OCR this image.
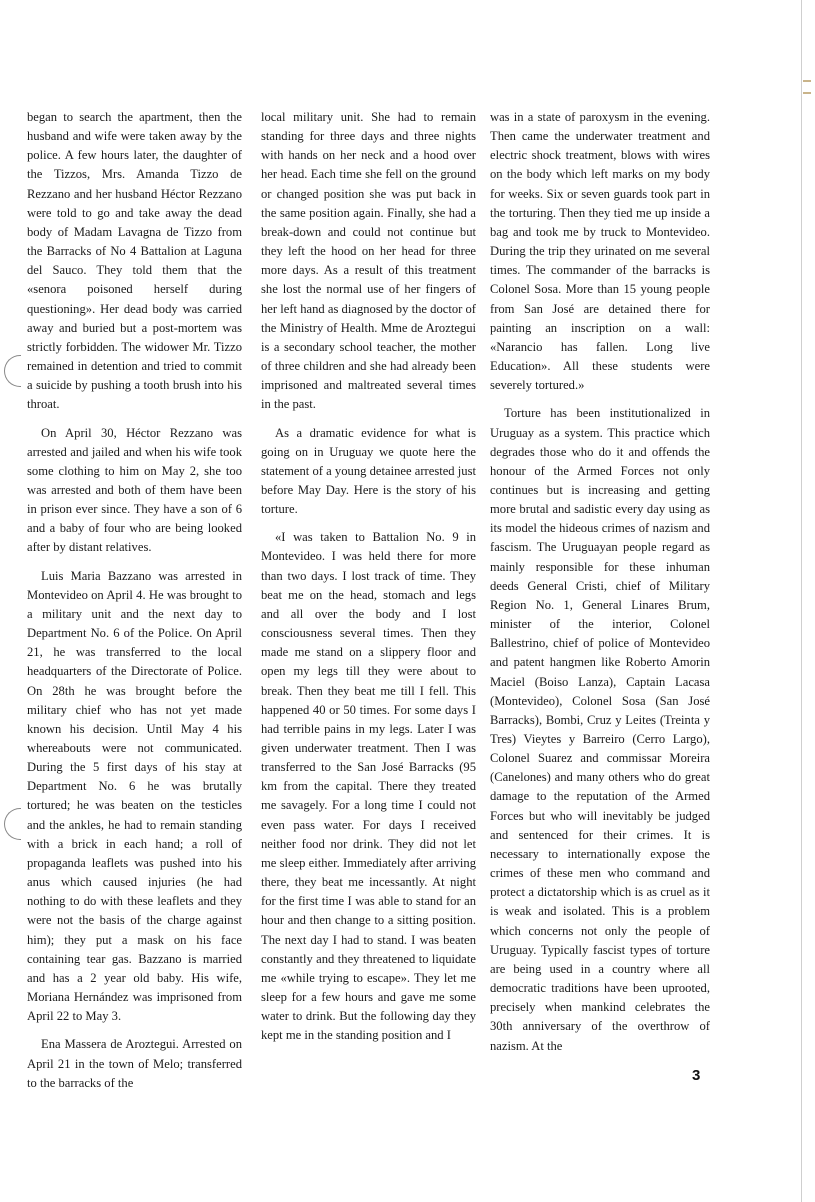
began to search the apartment, then the husband and wife were taken away by the police. A few hours later, the daughter of the Tizzos, Mrs. Amanda Tizzo de Rezzano and her husband Héctor Rezzano were told to go and take away the dead body of Madam Lavagna de Tizzo from the Barracks of No 4 Battalion at Laguna del Sauco. They told them that the «senora poisoned herself during questioning». Her dead body was carried away and buried but a post-mortem was strictly forbidden. The widower Mr. Tizzo remained in detention and tried to commit a suicide by pushing a tooth brush into his throat.

On April 30, Héctor Rezzano was arrested and jailed and when his wife took some clothing to him on May 2, she too was arrested and both of them have been in prison ever since. They have a son of 6 and a baby of four who are being looked after by distant relatives.

Luis Maria Bazzano was arrested in Montevideo on April 4. He was brought to a military unit and the next day to Department No. 6 of the Police. On April 21, he was transferred to the local headquarters of the Directorate of Police. On 28th he was brought before the military chief who has not yet made known his decision. Until May 4 his whereabouts were not communicated. During the 5 first days of his stay at Department No. 6 he was brutally tortured; he was beaten on the testicles and the ankles, he had to remain standing with a brick in each hand; a roll of propaganda leaflets was pushed into his anus which caused injuries (he had nothing to do with these leaflets and they were not the basis of the charge against him); they put a mask on his face containing tear gas. Bazzano is married and has a 2 year old baby. His wife, Moriana Hernández was imprisoned from April 22 to May 3.

Ena Massera de Aroztegui. Arrested on April 21 in the town of Melo; transferred to the barracks of the

local military unit. She had to remain standing for three days and three nights with hands on her neck and a hood over her head. Each time she fell on the ground or changed position she was put back in the same position again. Finally, she had a break-down and could not continue but they left the hood on her head for three more days. As a result of this treatment she lost the normal use of her fingers of her left hand as diagnosed by the doctor of the Ministry of Health. Mme de Aroztegui is a secondary school teacher, the mother of three children and she had already been imprisoned and maltreated several times in the past.

As a dramatic evidence for what is going on in Uruguay we quote here the statement of a young detainee arrested just before May Day. Here is the story of his torture.

«I was taken to Battalion No. 9 in Montevideo. I was held there for more than two days. I lost track of time. They beat me on the head, stomach and legs and all over the body and I lost consciousness several times. Then they made me stand on a slippery floor and open my legs till they were about to break. Then they beat me till I fell. This happened 40 or 50 times. For some days I had terrible pains in my legs. Later I was given underwater treatment. Then I was transferred to the San José Barracks (95 km from the capital. There they treated me savagely. For a long time I could not even pass water. For days I received neither food nor drink. They did not let me sleep either. Immediately after arriving there, they beat me incessantly. At night for the first time I was able to stand for an hour and then change to a sitting position. The next day I had to stand. I was beaten constantly and they threatened to liquidate me «while trying to escape». They let me sleep for a few hours and gave me some water to drink. But the following day they kept me in the standing position and I

was in a state of paroxysm in the evening. Then came the underwater treatment and electric shock treatment, blows with wires on the body which left marks on my body for weeks. Six or seven guards took part in the torturing. Then they tied me up inside a bag and took me by truck to Montevideo. During the trip they urinated on me several times. The commander of the barracks is Colonel Sosa. More than 15 young people from San José are detained there for painting an inscription on a wall: «Narancio has fallen. Long live Education». All these students were severely tortured.»

Torture has been institutionalized in Uruguay as a system. This practice which degrades those who do it and offends the honour of the Armed Forces not only continues but is increasing and getting more brutal and sadistic every day using as its model the hideous crimes of nazism and fascism. The Uruguayan people regard as mainly responsible for these inhuman deeds General Cristi, chief of Military Region No. 1, General Linares Brum, minister of the interior, Colonel Ballestrino, chief of police of Montevideo and patent hangmen like Roberto Amorin Maciel (Boiso Lanza), Captain Lacasa (Montevideo), Colonel Sosa (San José Barracks), Bombi, Cruz y Leites (Treinta y Tres) Vieytes y Barreiro (Cerro Largo), Colonel Suarez and commissar Moreira (Canelones) and many others who do great damage to the reputation of the Armed Forces but who will inevitably be judged and sentenced for their crimes. It is necessary to internationally expose the crimes of these men who command and protect a dictatorship which is as cruel as it is weak and isolated. This is a problem which concerns not only the people of Uruguay. Typically fascist types of torture are being used in a country where all democratic traditions have been uprooted, precisely when mankind celebrates the 30th anniversary of the overthrow of nazism. At the

3
